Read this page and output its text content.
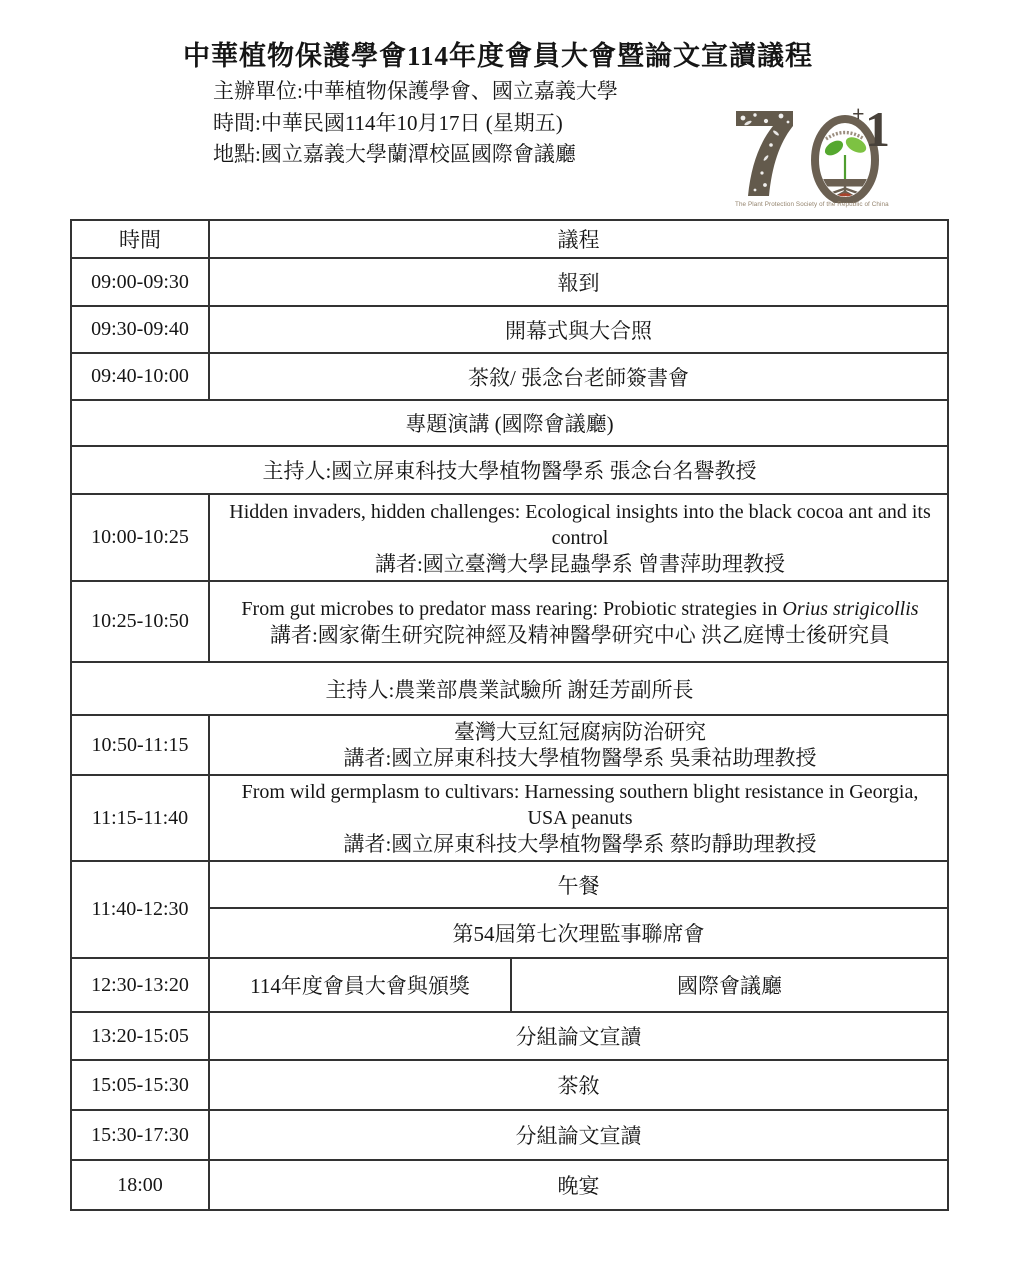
中華植物保護學會114年度會員大會暨論文宣讀議程
主辦單位:中華植物保護學會、國立嘉義大學
時間:中華民國114年10月17日 (星期五)
地點:國立嘉義大學蘭潭校區國際會議廳
+ 1
The Plant Protection Society of the Republic of China
時間	議程	
09:00-09:30	報到	
09:30-09:40	開幕式與大合照	
09:40-10:00	茶敘/ 張念台老師簽書會	
專題演講 (國際會議廳)		
主持人:國立屏東科技大學植物醫學系 張念台名譽教授		
10:00-10:25	Hidden invaders, hidden challenges: Ecological insights into the black cocoa ant and its control
講者:國立臺灣大學昆蟲學系 曾書萍助理教授	

10:25-10:50	From gut microbes to predator mass rearing: Probiotic strategies in Orius strigicollis
講者:國家衛生研究院神經及精神醫學研究中心 洪乙庭博士後研究員	

主持人:農業部農業試驗所 謝廷芳副所長		
10:50-11:15	臺灣大豆紅冠腐病防治研究
講者:國立屏東科技大學植物醫學系 吳秉祜助理教授	

11:15-11:40	From wild germplasm to cultivars: Harnessing southern blight resistance in Georgia, USA peanuts
講者:國立屏東科技大學植物醫學系 蔡昀靜助理教授	

11:40-12:30	午餐	
	第54屆第七次理監事聯席會	
12:30-13:20	114年度會員大會與頒獎	國際會議廳
13:20-15:05	分組論文宣讀	
15:05-15:30	茶敘	
15:30-17:30	分組論文宣讀	
18:00	晚宴	
